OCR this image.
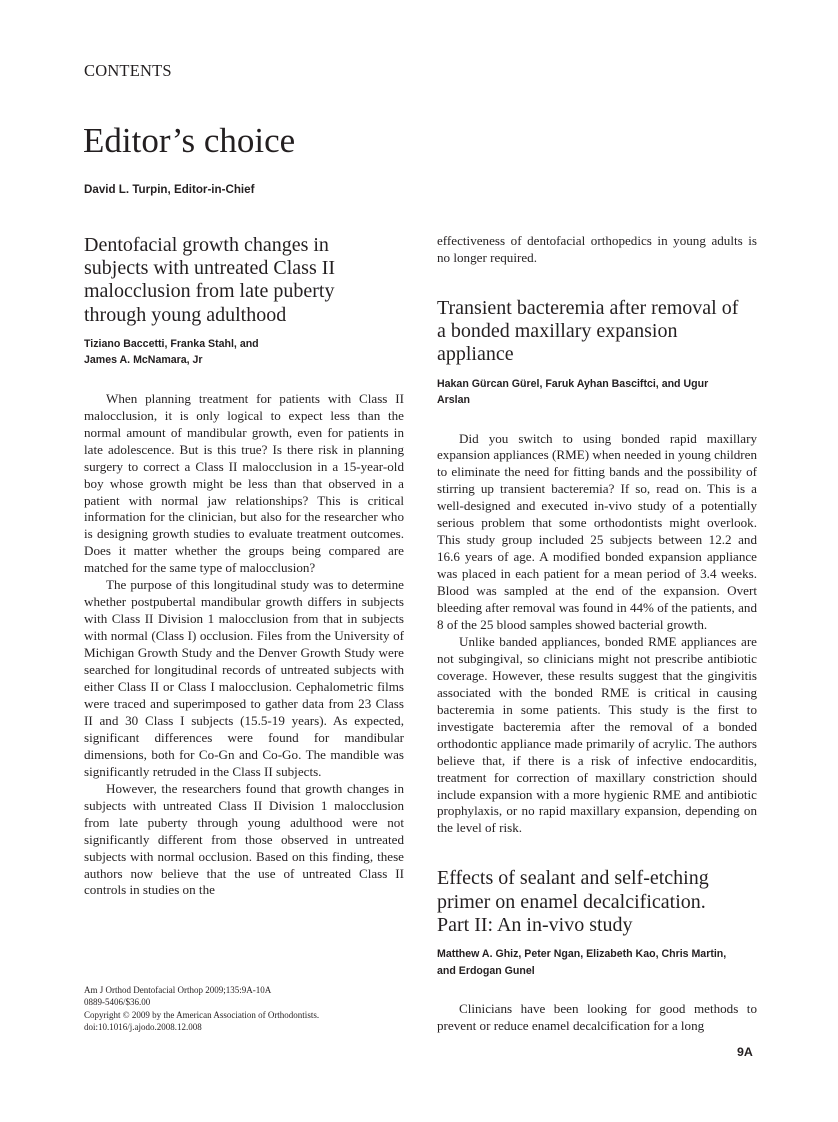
CONTENTS
Editor’s choice
David L. Turpin, Editor-in-Chief
Dentofacial growth changes in
subjects with untreated Class II
malocclusion from late puberty
through young adulthood
Tiziano Baccetti, Franka Stahl, and
James A. McNamara, Jr

When planning treatment for patients with Class II malocclusion, it is only logical to expect less than the normal amount of mandibular growth, even for patients in late adolescence. But is this true? Is there risk in planning surgery to correct a Class II malocclusion in a 15-year-old boy whose growth might be less than that observed in a patient with normal jaw relationships? This is critical information for the clinician, but also for the researcher who is designing growth studies to evaluate treatment outcomes. Does it matter whether the groups being compared are matched for the same type of malocclusion?

The purpose of this longitudinal study was to determine whether postpubertal mandibular growth differs in subjects with Class II Division 1 malocclusion from that in subjects with normal (Class I) occlusion. Files from the University of Michigan Growth Study and the Denver Growth Study were searched for longitudinal records of untreated subjects with either Class II or Class I malocclusion. Cephalometric films were traced and superimposed to gather data from 23 Class II and 30 Class I subjects (15.5-19 years). As expected, significant differences were found for mandibular dimensions, both for Co-Gn and Co-Go. The mandible was significantly retruded in the Class II subjects.

However, the researchers found that growth changes in subjects with untreated Class II Division 1 malocclusion from late puberty through young adulthood were not significantly different from those observed in untreated subjects with normal occlusion. Based on this finding, these authors now believe that the use of untreated Class II controls in studies on the

effectiveness of dentofacial orthopedics in young adults is no longer required.

Transient bacteremia after removal of
a bonded maxillary expansion
appliance
Hakan Gürcan Gürel, Faruk Ayhan Basciftci, and Ugur
Arslan

Did you switch to using bonded rapid maxillary expansion appliances (RME) when needed in young children to eliminate the need for fitting bands and the possibility of stirring up transient bacteremia? If so, read on. This is a well-designed and executed in-vivo study of a potentially serious problem that some orthodontists might overlook. This study group included 25 subjects between 12.2 and 16.6 years of age. A modified bonded expansion appliance was placed in each patient for a mean period of 3.4 weeks. Blood was sampled at the end of the expansion. Overt bleeding after removal was found in 44% of the patients, and 8 of the 25 blood samples showed bacterial growth.

Unlike banded appliances, bonded RME appliances are not subgingival, so clinicians might not prescribe antibiotic coverage. However, these results suggest that the gingivitis associated with the bonded RME is critical in causing bacteremia in some patients. This study is the first to investigate bacteremia after the removal of a bonded orthodontic appliance made primarily of acrylic. The authors believe that, if there is a risk of infective endocarditis, treatment for correction of maxillary constriction should include expansion with a more hygienic RME and antibiotic prophylaxis, or no rapid maxillary expansion, depending on the level of risk.

Effects of sealant and self-etching
primer on enamel decalcification.
Part II: An in-vivo study
Matthew A. Ghiz, Peter Ngan, Elizabeth Kao, Chris Martin,
and Erdogan Gunel

Clinicians have been looking for good methods to prevent or reduce enamel decalcification for a long

Am J Orthod Dentofacial Orthop 2009;135:9A-10A
0889-5406/$36.00
Copyright © 2009 by the American Association of Orthodontists.
doi:10.1016/j.ajodo.2008.12.008
9A
